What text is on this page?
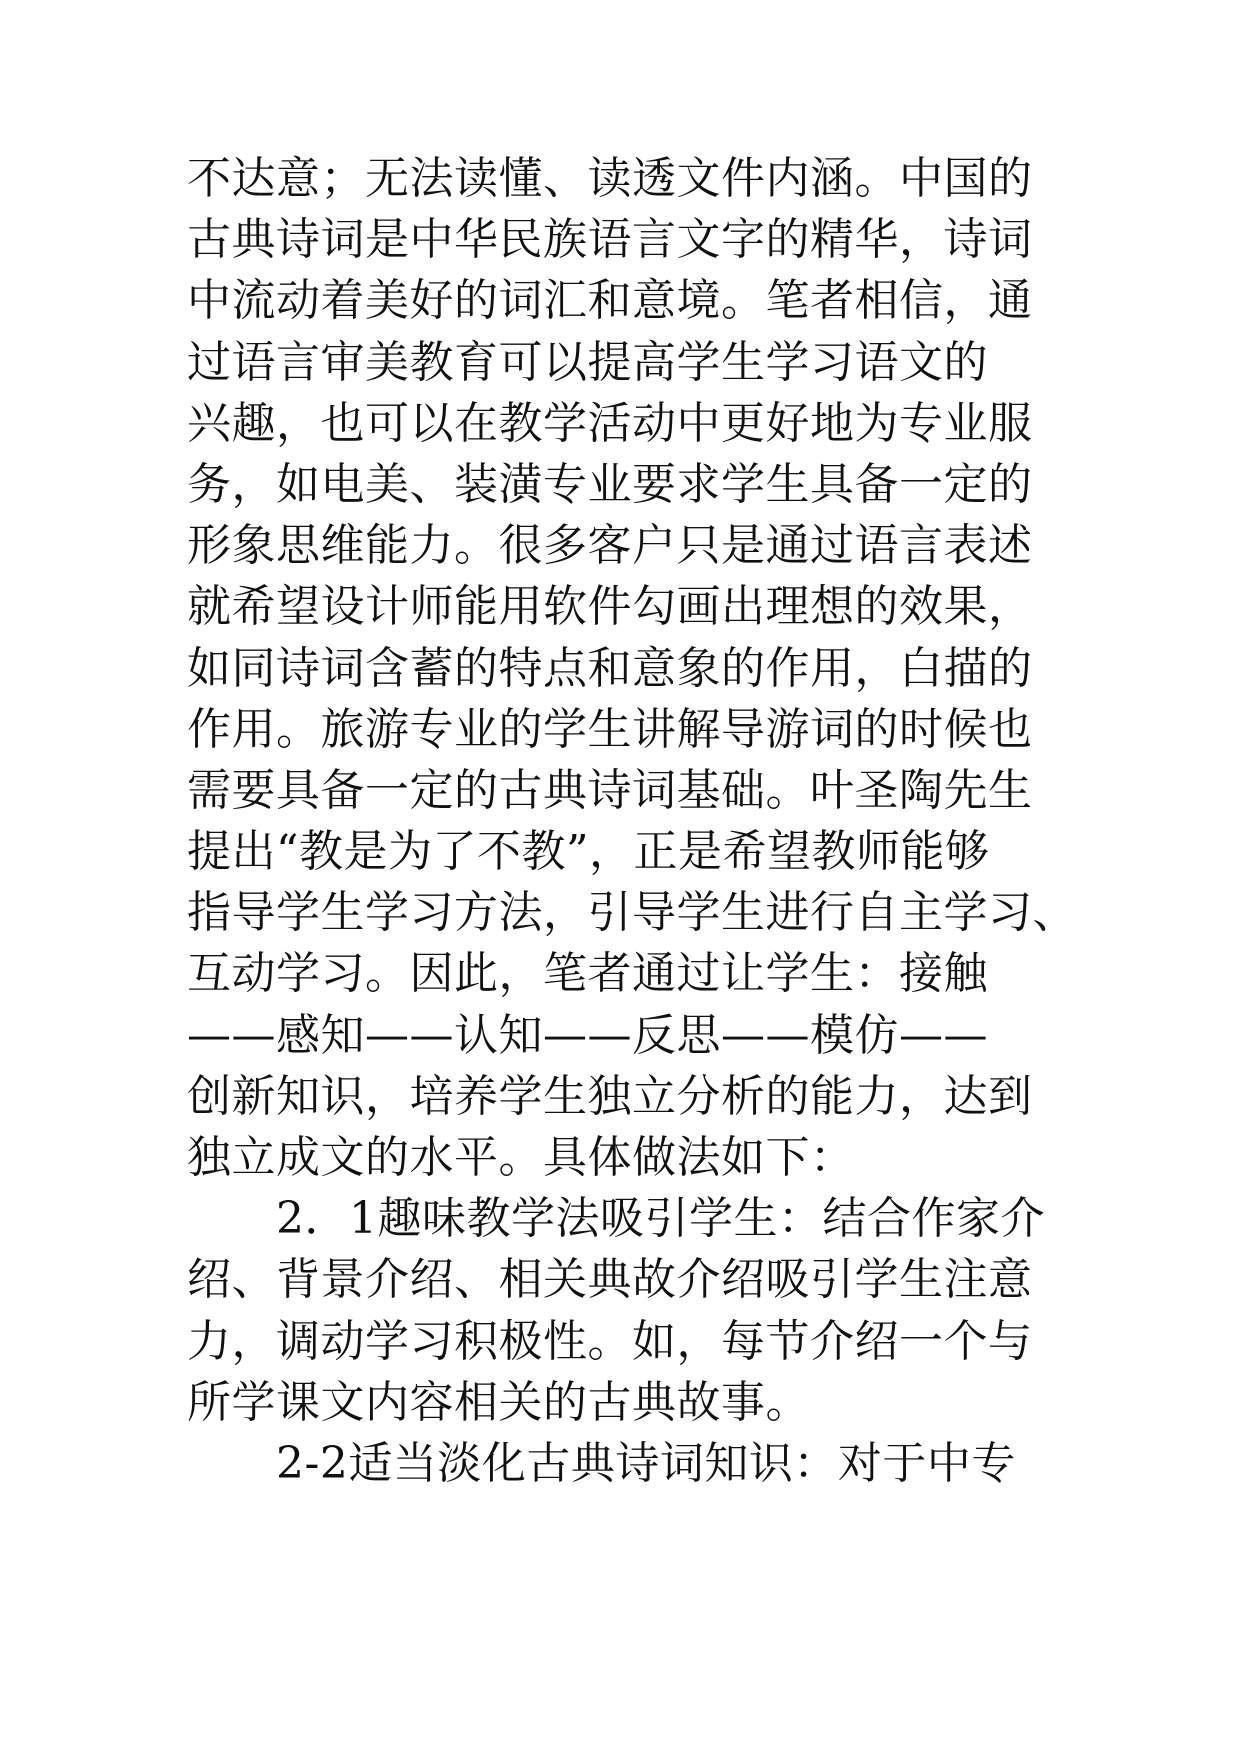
不达意；无法读懂、读透文件内涵。中国的
古典诗词是中华民族语言文字的精华，诗词
中流动着美好的词汇和意境。笔者相信，通
过语言审美教育可以提高学生学习语文的
兴趣，也可以在教学活动中更好地为专业服
务，如电美、装潢专业要求学生具备一定的
形象思维能力。很多客户只是通过语言表述
就希望设计师能用软件勾画出理想的效果，
如同诗词含蓄的特点和意象的作用，白描的
作用。旅游专业的学生讲解导游词的时候也
需要具备一定的古典诗词基础。叶圣陶先生
提出“教是为了不教”，正是希望教师能够
指导学生学习方法，引导学生进行自主学习、
互动学习。因此，笔者通过让学生：接触
——感知——认知——反思——模仿——
创新知识，培养学生独立分析的能力，达到
独立成文的水平。具体做法如下：
　　2．1趣味教学法吸引学生：结合作家介
绍、背景介绍、相关典故介绍吸引学生注意
力，调动学习积极性。如，每节介绍一个与
所学课文内容相关的古典故事。
　　2-2适当淡化古典诗词知识：对于中专
